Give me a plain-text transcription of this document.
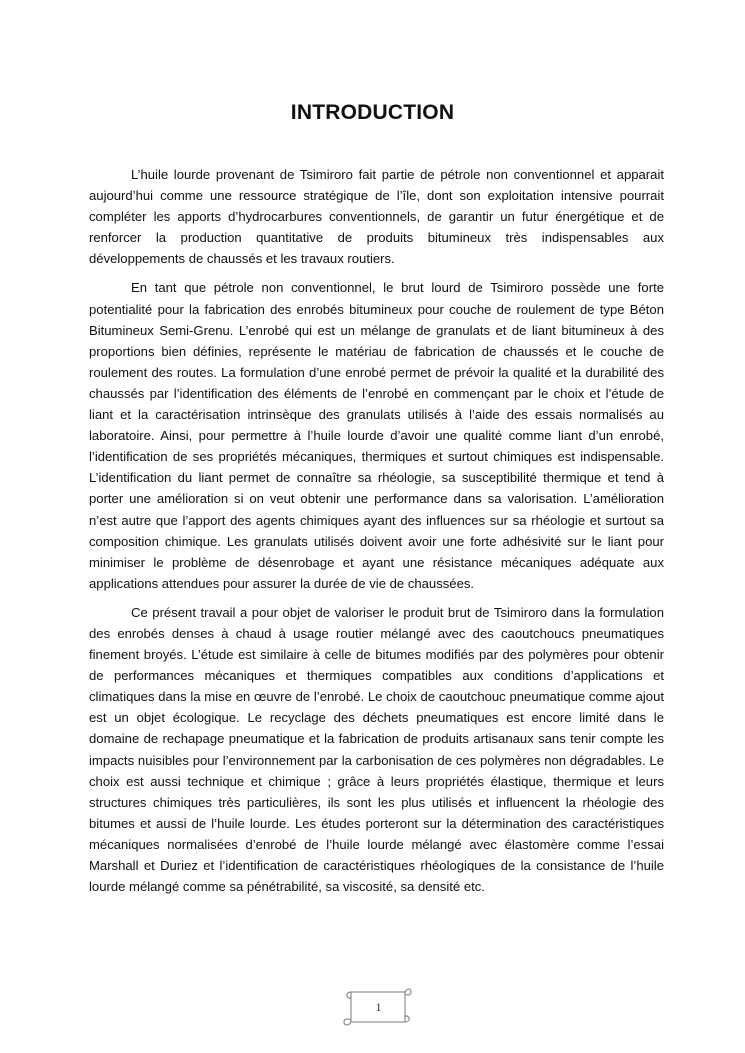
INTRODUCTION

L’huile lourde provenant de Tsimiroro fait partie de pétrole non conventionnel et apparait aujourd’hui comme une ressource stratégique de l’île, dont son exploitation intensive pourrait compléter les apports d’hydrocarbures conventionnels, de garantir un futur énergétique et de renforcer la production quantitative de produits bitumineux très indispensables aux développements de chaussés et les travaux routiers.

En tant que pétrole non conventionnel, le brut lourd de Tsimiroro possède une forte potentialité pour la fabrication des enrobés bitumineux pour couche de roulement de type Béton Bitumineux Semi-Grenu. L’enrobé qui est un mélange de granulats et de liant bitumineux à des proportions bien définies, représente le matériau de fabrication de chaussés et le couche de roulement des routes. La formulation d’une enrobé permet de prévoir la qualité et la durabilité des chaussés par l’identification des éléments de l’enrobé en commençant par le choix et l’étude de liant et la caractérisation intrinsèque des granulats utilisés à l’aide des essais normalisés au laboratoire. Ainsi, pour permettre à l’huile lourde d’avoir une qualité comme liant d’un enrobé, l’identification de ses propriétés mécaniques, thermiques et surtout chimiques est indispensable. L’identification du liant permet de connaître sa rhéologie, sa susceptibilité thermique et tend à porter une amélioration si on veut obtenir une performance dans sa valorisation. L’amélioration n’est autre que l’apport des agents chimiques ayant des influences sur sa rhéologie et surtout sa composition chimique. Les granulats utilisés doivent avoir une forte adhésivité sur le liant pour minimiser le problème de désenrobage et ayant une résistance mécaniques adéquate aux applications attendues pour assurer la durée de vie de chaussées.

Ce présent travail a pour objet de valoriser le produit brut de Tsimiroro dans la formulation des enrobés denses à chaud à usage routier mélangé avec des caoutchoucs pneumatiques finement broyés. L’étude est similaire à celle de bitumes modifiés par des polymères pour obtenir de performances mécaniques et thermiques compatibles aux conditions d’applications et climatiques dans la mise en œuvre de l’enrobé. Le choix de caoutchouc pneumatique comme ajout est un objet écologique. Le recyclage des déchets pneumatiques est encore limité dans le domaine de rechapage pneumatique et la fabrication de produits artisanaux sans tenir compte les impacts nuisibles pour l’environnement par la carbonisation de ces polymères non dégradables. Le choix est aussi technique et chimique ; grâce à leurs propriétés élastique, thermique et leurs structures chimiques très particulières, ils sont les plus utilisés et influencent la rhéologie des bitumes et aussi de l’huile lourde. Les études porteront sur la détermination des caractéristiques mécaniques normalisées d’enrobé de l’huile lourde mélangé avec élastomère comme l’essai Marshall et Duriez et l’identification de caractéristiques rhéologiques de la consistance de l’huile lourde mélangé comme sa pénétrabilité, sa viscosité, sa densité etc.

1
